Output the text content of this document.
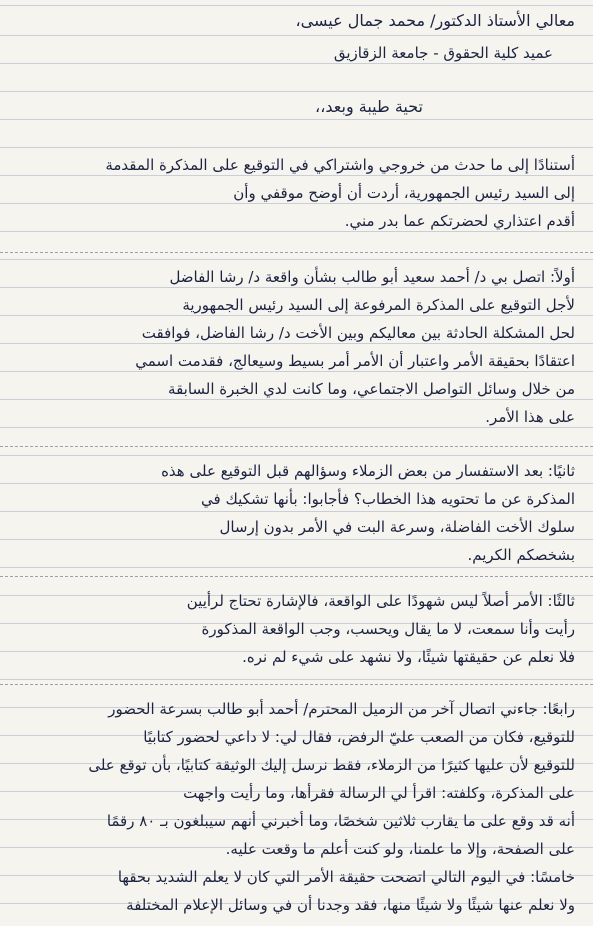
معالي الأستاذ الدكتور/ محمد جمال عيسى،
عميد كلية الحقوق - جامعة الزقازيق
تحية طيبة وبعد،،
أستنادًا إلى ما حدث من خروجي واشتراكي في التوقيع على المذكرة المقدمة
إلى السيد رئيس الجمهورية، أردت أن أوضح موقفي وأن
أقدم اعتذاري لحضرتكم عما بدر مني.
أولاً: اتصل بي د/ أحمد سعيد أبو طالب بشأن واقعة د/ رشا الفاضل
لأجل التوقيع على المذكرة المرفوعة إلى السيد رئيس الجمهورية
لحل المشكلة الحادثة بين معاليكم وبين الأخت د/ رشا الفاضل، فوافقت
اعتقادًا بحقيقة الأمر واعتبار أن الأمر أمر بسيط وسيعالج، فقدمت اسمي
من خلال وسائل التواصل الاجتماعي، وما كانت لدي الخبرة السابقة
على هذا الأمر.
ثانيًا: بعد الاستفسار من بعض الزملاء وسؤالهم قبل التوقيع على هذه
المذكرة عن ما تحتويه هذا الخطاب؟ فأجابوا: بأنها تشكيك في
سلوك الأخت الفاضلة، وسرعة البت في الأمر بدون إرسال
بشخصكم الكريم.
ثالثًا: الأمر أصلاً ليس شهودًا على الواقعة، فالإشارة تحتاج لرأيين
رأيت وأنا سمعت، لا ما يقال ويحسب، وجب الواقعة المذكورة
فلا نعلم عن حقيقتها شيئًا، ولا نشهد على شيء لم نره.
رابعًا: جاءني اتصال آخر من الزميل المحترم/ أحمد أبو طالب بسرعة الحضور
للتوقيع، فكان من الصعب عليّ الرفض، فقال لي: لا داعي لحضور كتابيًا
للتوقيع لأن عليها كثيرًا من الزملاء، فقط نرسل إليك الوثيقة كتابيًا، بأن توقع على
على المذكرة، وكلفته: اقرأ لي الرسالة فقرأها، وما رأيت واجهت
أنه قد وقع على ما يقارب ثلاثين شخصًا، وما أخبرني أنهم سيبلغون بـ ٨٠ رقمًا
على الصفحة، وإلا ما علمنا، ولو كنت أعلم ما وقعت عليه.
خامسًا: في اليوم التالي اتضحت حقيقة الأمر التي كان لا يعلم الشديد بحقها
ولا نعلم عنها شيئًا ولا شيئًا منها، فقد وجدنا أن في وسائل الإعلام المختلفة
